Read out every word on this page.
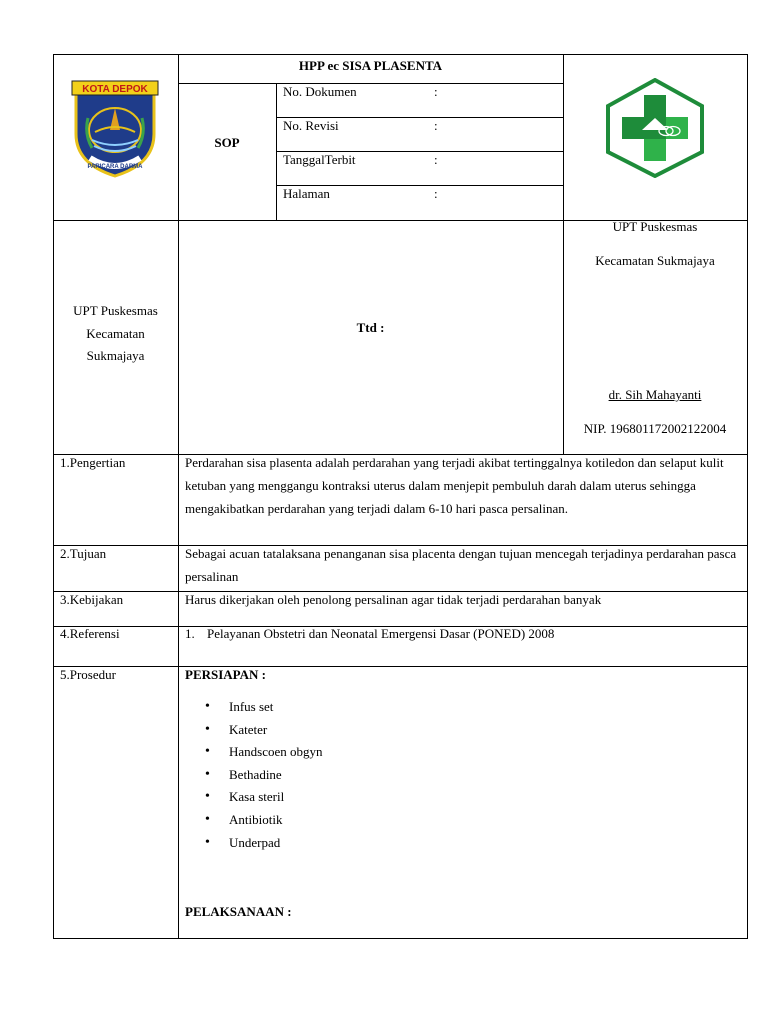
KOTA DEPOK
PARICARA DARMA
HPP ec SISA PLASENTA
SOP
No. Dokumen	:
No. Revisi	:
TanggalTerbit	:
Halaman	:
UPT Puskesmas
Kecamatan
Sukmajaya
Ttd :
UPT Puskesmas
Kecamatan Sukmajaya
dr. Sih Mahayanti
NIP. 196801172002122004
1.Pengertian	Perdarahan sisa plasenta adalah perdarahan yang terjadi akibat tertinggalnya kotiledon dan selaput kulit ketuban yang menggangu kontraksi uterus dalam menjepit pembuluh darah dalam uterus sehingga mengakibatkan perdarahan yang terjadi dalam 6-10 hari pasca persalinan.
2.Tujuan	Sebagai acuan tatalaksana penanganan sisa placenta dengan tujuan mencegah terjadinya perdarahan pasca persalinan
3.Kebijakan	Harus dikerjakan oleh penolong persalinan agar tidak terjadi perdarahan banyak
4.Referensi	1. Pelayanan Obstetri dan Neonatal Emergensi Dasar (PONED) 2008
5.Prosedur	PERSIAPAN :
• Infus set
• Kateter
• Handscoen obgyn
• Bethadine
• Kasa steril
• Antibiotik
• Underpad
PELAKSANAAN :
